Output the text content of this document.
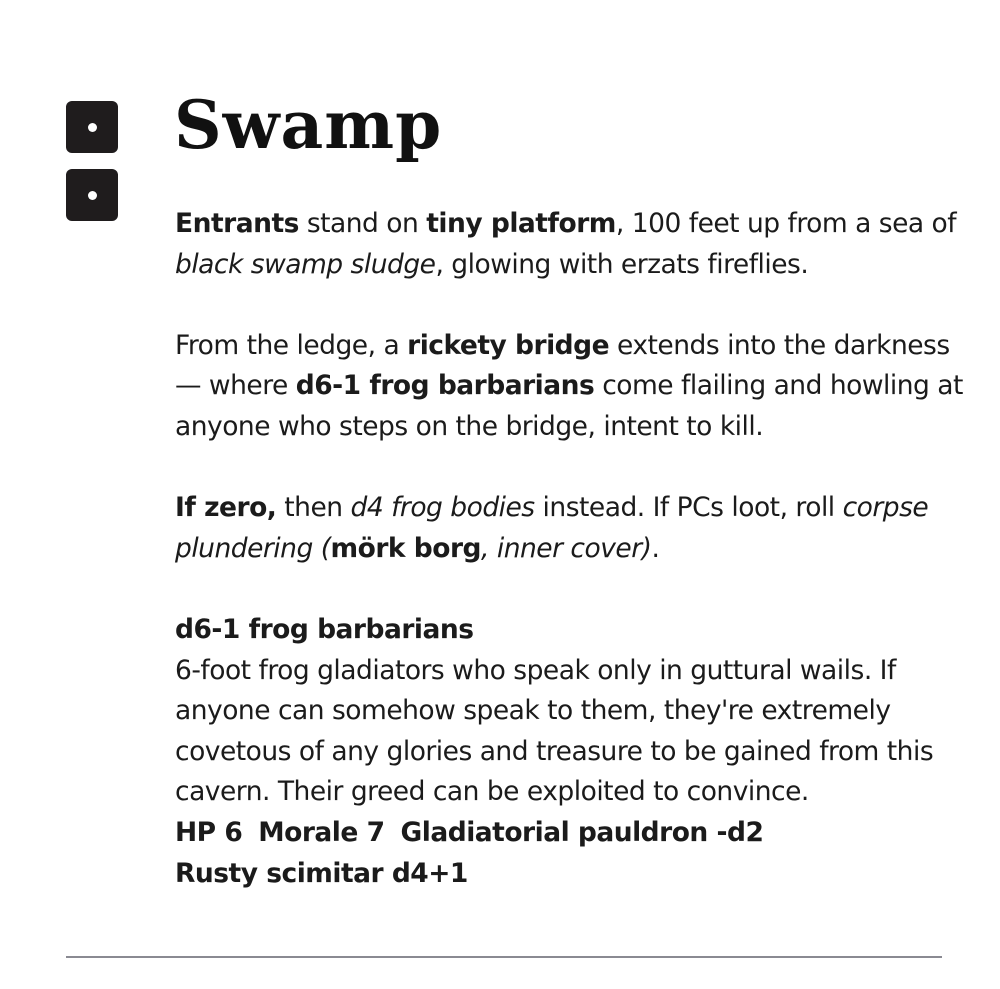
Swamp

Entrants stand on tiny platform, 100 feet up from a sea of black swamp sludge, glowing with erzats fireflies.

From the ledge, a rickety bridge extends into the darkness — where d6-1 frog barbarians come flailing and howling at anyone who steps on the bridge, intent to kill.

If zero, then d4 frog bodies instead. If PCs loot, roll corpse plundering (mörk borg, inner cover).

d6-1 frog barbarians

6-foot frog gladiators who speak only in guttural wails. If anyone can somehow speak to them, they're extremely covetous of any glories and treasure to be gained from this cavern. Their greed can be exploited to convince.

HP 6 Morale 7 Gladiatorial pauldron -d2

Rusty scimitar d4+1
